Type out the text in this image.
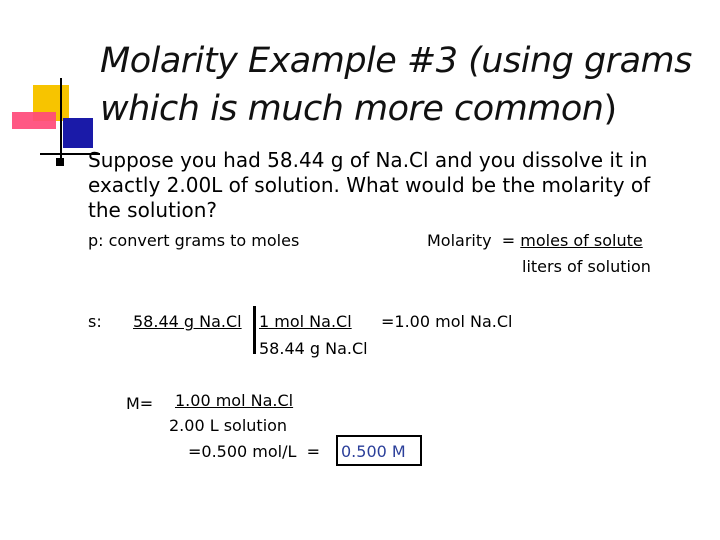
Molarity Example #3 (using grams
which is much more common)
Suppose you had 58.44 g of Na.Cl and you dissolve it in exactly 2.00L of solution. What would be the molarity of the solution?
p: convert grams to moles	Molarity  = moles of solute
liters of solution
s: 58.44 g Na.Cl 1 mol Na.Cl =1.00 mol Na.Cl
58.44 g Na.Cl
M= 1.00 mol Na.Cl
2.00 L solution
=0.500 mol/L  = 0.500 M
